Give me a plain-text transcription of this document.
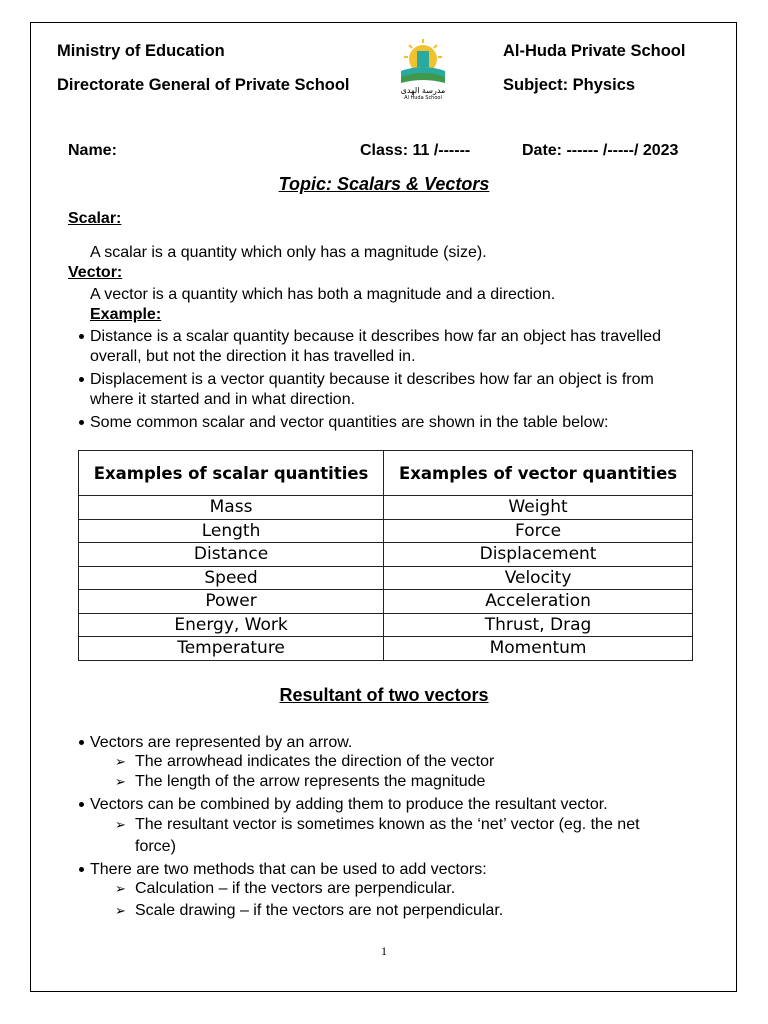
Ministry of Education
Directorate General of Private School
Al-Huda Private School
Subject: Physics
مدرسة الهدى
Al Huda School
Name:	Class: 11 /------	Date: ------ /-----/ 2023
Topic: Scalars & Vectors
Scalar:
A scalar is a quantity which only has a magnitude (size).
Vector:
A vector is a quantity which has both a magnitude and a direction.
Example:
Distance is a scalar quantity because it describes how far an object has travelled overall, but not the direction it has travelled in.
Displacement is a vector quantity because it describes how far an object is from where it started and in what direction.
Some common scalar and vector quantities are shown in the table below:
Examples of scalar quantities	Examples of vector quantities
Mass	Weight
Length	Force
Distance	Displacement
Speed	Velocity
Power	Acceleration
Energy, Work	Thrust, Drag
Temperature	Momentum
Resultant of two vectors
Vectors are represented by an arrow.
➢ The arrowhead indicates the direction of the vector
➢ The length of the arrow represents the magnitude
Vectors can be combined by adding them to produce the resultant vector.
➢ The resultant vector is sometimes known as the ‘net’ vector (eg. the net
force)
There are two methods that can be used to add vectors:
➢ Calculation – if the vectors are perpendicular.
➢ Scale drawing – if the vectors are not perpendicular.
1
